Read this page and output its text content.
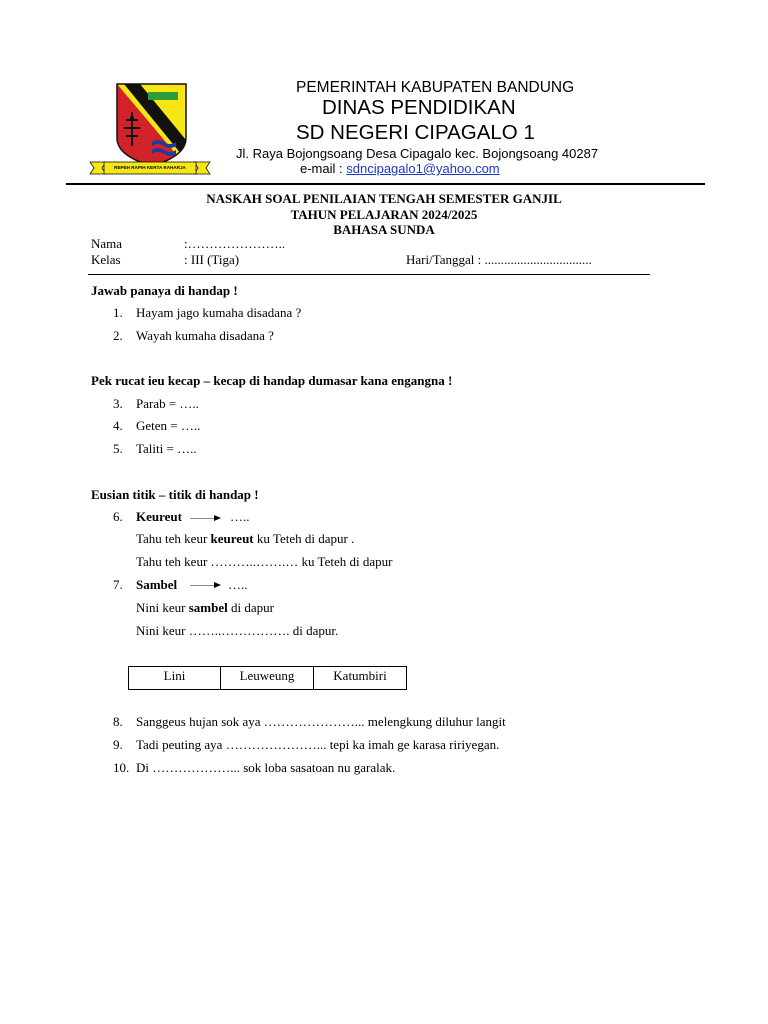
REPEH RAPIH KERTA RAHARJA
PEMERINTAH KABUPATEN BANDUNG
DINAS PENDIDIKAN
SD NEGERI CIPAGALO 1
Jl. Raya Bojongsoang Desa Cipagalo kec. Bojongsoang 40287
e-mail : sdncipagalo1@yahoo.com
NASKAH SOAL PENILAIAN TENGAH SEMESTER GANJIL
TAHUN PELAJARAN 2024/2025
BAHASA SUNDA
Nama	:…………………..
Kelas	: III (Tiga)	Hari/Tanggal : .................................
Jawab panaya di handap !
1. Hayam jago kumaha disadana ?
2. Wayah kumaha disadana ?
Pek rucat ieu kecap – kecap di handap dumasar kana engangna !
3. Parab = …..
4. Geten = …..
5. Taliti = …..
Eusian titik – titik di handap !
6. Keureut	…..
Tahu teh keur keureut ku Teteh di dapur .
Tahu teh keur ………..…….… ku Teteh di dapur
7. Sambel	…..
Nini keur sambel di dapur
Nini keur ……..……………. di dapur.
Lini	Leuweung	Katumbiri
8. Sanggeus hujan sok aya …………………... melengkung diluhur langit
9. Tadi peuting aya …………………... tepi ka imah ge karasa ririyegan.
10. Di ………………... sok loba sasatoan nu garalak.
